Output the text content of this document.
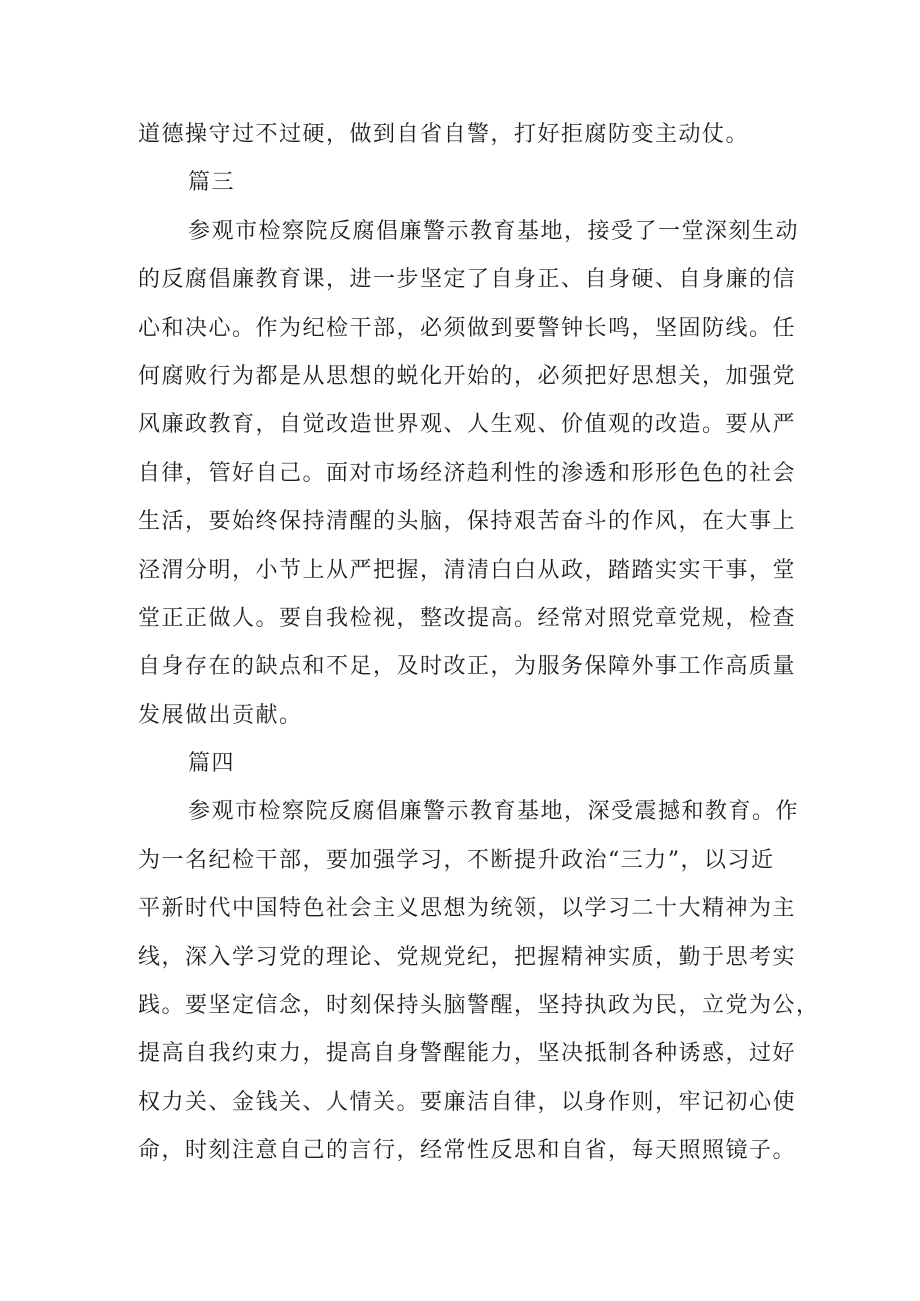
道德操守过不过硬，做到自省自警，打好拒腐防变主动仗。
篇三
参观市检察院反腐倡廉警示教育基地，接受了一堂深刻生动
的反腐倡廉教育课，进一步坚定了自身正、自身硬、自身廉的信
心和决心。作为纪检干部，必须做到要警钟长鸣，坚固防线。任
何腐败行为都是从思想的蜕化开始的，必须把好思想关，加强党
风廉政教育，自觉改造世界观、人生观、价值观的改造。要从严
自律，管好自己。面对市场经济趋利性的渗透和形形色色的社会
生活，要始终保持清醒的头脑，保持艰苦奋斗的作风，在大事上
泾渭分明，小节上从严把握，清清白白从政，踏踏实实干事，堂
堂正正做人。要自我检视，整改提高。经常对照党章党规，检查
自身存在的缺点和不足，及时改正，为服务保障外事工作高质量
发展做出贡献。
篇四
参观市检察院反腐倡廉警示教育基地，深受震撼和教育。作
为一名纪检干部，要加强学习，不断提升政治“三力”，以习近
平新时代中国特色社会主义思想为统领，以学习二十大精神为主
线，深入学习党的理论、党规党纪，把握精神实质，勤于思考实
践。要坚定信念，时刻保持头脑警醒，坚持执政为民，立党为公，
提高自我约束力，提高自身警醒能力，坚决抵制各种诱惑，过好
权力关、金钱关、人情关。要廉洁自律，以身作则，牢记初心使
命，时刻注意自己的言行，经常性反思和自省，每天照照镜子。
